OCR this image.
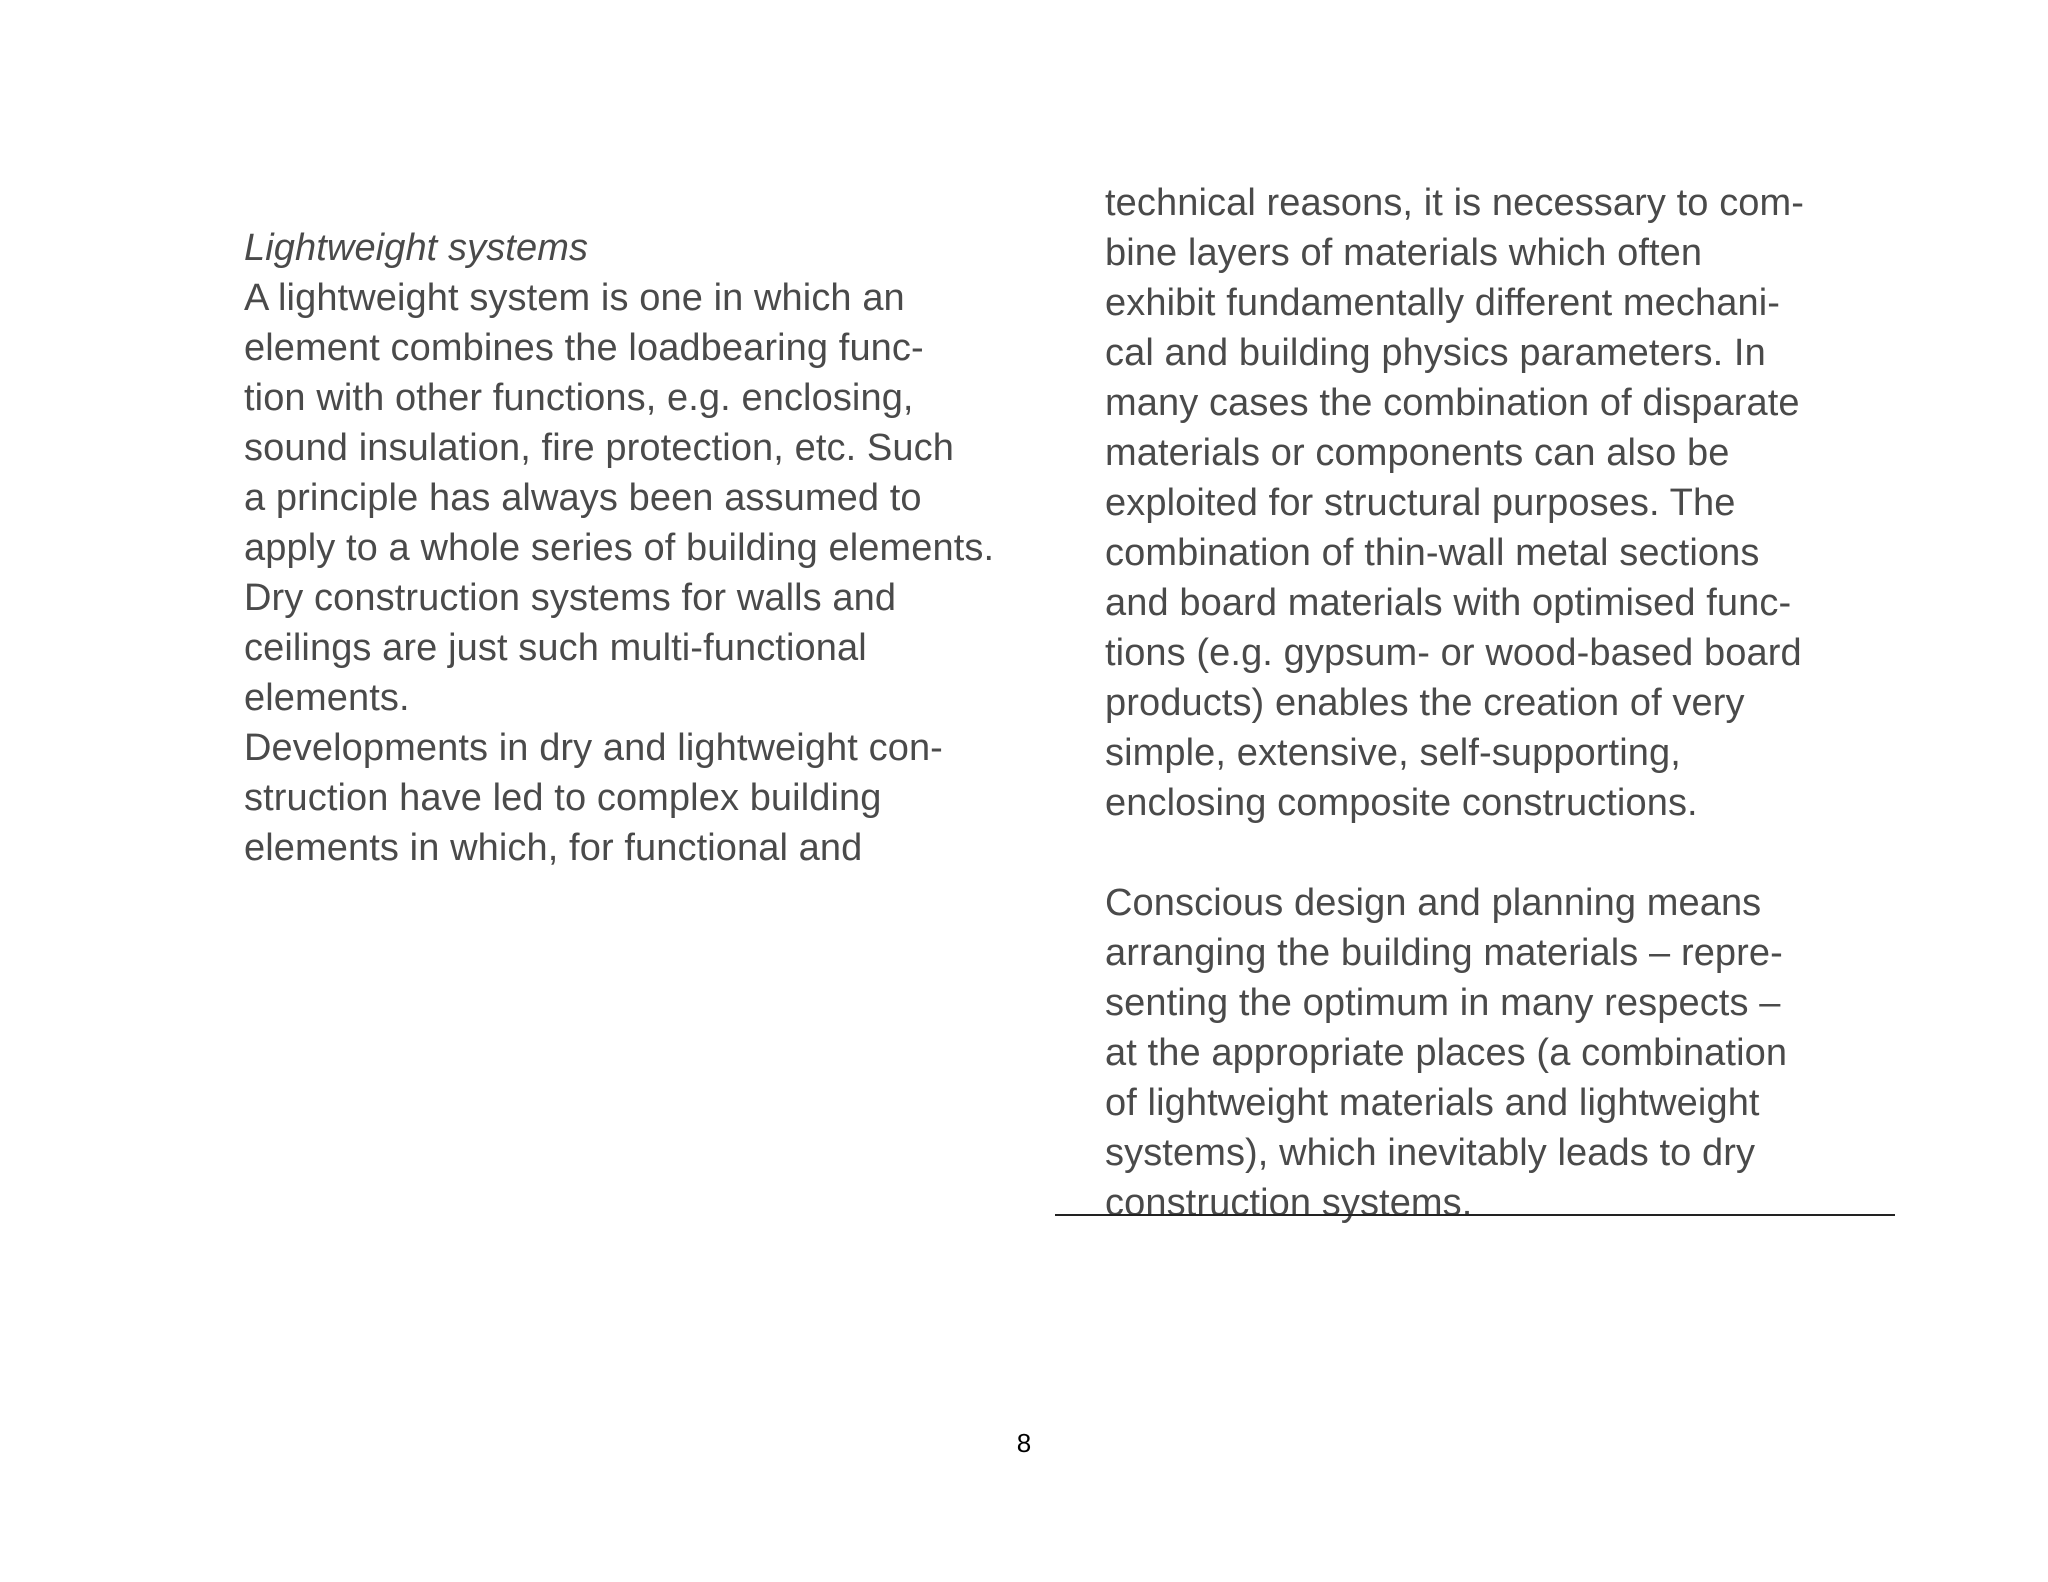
Lightweight systems
A lightweight system is one in which an
element combines the loadbearing func-
tion with other functions, e.g. enclosing,
sound insulation, fire protection, etc. Such
a principle has always been assumed to
apply to a whole series of building elements.
Dry construction systems for walls and
ceilings are just such multi-functional
elements.
Developments in dry and lightweight con-
struction have led to complex building
elements in which, for functional and
technical reasons, it is necessary to com-
bine layers of materials which often
exhibit fundamentally different mechani-
cal and building physics parameters. In
many cases the combination of disparate
materials or components can also be
exploited for structural purposes. The
combination of thin-wall metal sections
and board materials with optimised func-
tions (e.g. gypsum- or wood-based board
products) enables the creation of very
simple, extensive, self-supporting,
enclosing composite constructions.
Conscious design and planning means
arranging the building materials – repre-
senting the optimum in many respects –
at the appropriate places (a combination
of lightweight materials and lightweight
systems), which inevitably leads to dry
construction systems.
8
